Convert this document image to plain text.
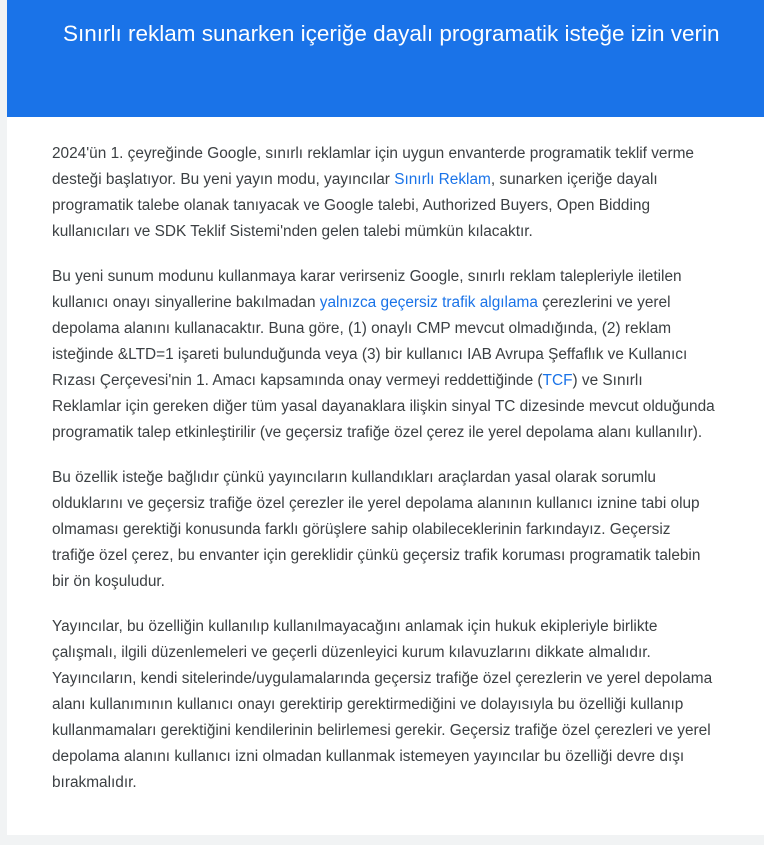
Sınırlı reklam sunarken içeriğe dayalı programatik isteğe izin verin

2024'ün 1. çeyreğinde Google, sınırlı reklamlar için uygun envanterde programatik teklif verme desteği başlatıyor. Bu yeni yayın modu, yayıncılar Sınırlı Reklam, sunarken içeriğe dayalı programatik talebe olanak tanıyacak ve Google talebi, Authorized Buyers, Open Bidding kullanıcıları ve SDK Teklif Sistemi'nden gelen talebi mümkün kılacaktır.

Bu yeni sunum modunu kullanmaya karar verirseniz Google, sınırlı reklam talepleriyle iletilen kullanıcı onayı sinyallerine bakılmadan yalnızca geçersiz trafik algılama çerezlerini ve yerel depolama alanını kullanacaktır. Buna göre, (1) onaylı CMP mevcut olmadığında, (2) reklam isteğinde &LTD=1 işareti bulunduğunda veya (3) bir kullanıcı IAB Avrupa Şeffaflık ve Kullanıcı Rızası Çerçevesi'nin 1. Amacı kapsamında onay vermeyi reddettiğinde (TCF) ve Sınırlı Reklamlar için gereken diğer tüm yasal dayanaklara ilişkin sinyal TC dizesinde mevcut olduğunda programatik talep etkinleştirilir (ve geçersiz trafiğe özel çerez ile yerel depolama alanı kullanılır).

Bu özellik isteğe bağlıdır çünkü yayıncıların kullandıkları araçlardan yasal olarak sorumlu olduklarını ve geçersiz trafiğe özel çerezler ile yerel depolama alanının kullanıcı iznine tabi olup olmaması gerektiği konusunda farklı görüşlere sahip olabileceklerinin farkındayız. Geçersiz trafiğe özel çerez, bu envanter için gereklidir çünkü geçersiz trafik koruması programatik talebin bir ön koşuludur.

Yayıncılar, bu özelliğin kullanılıp kullanılmayacağını anlamak için hukuk ekipleriyle birlikte çalışmalı, ilgili düzenlemeleri ve geçerli düzenleyici kurum kılavuzlarını dikkate almalıdır. Yayıncıların, kendi sitelerinde/uygulamalarında geçersiz trafiğe özel çerezlerin ve yerel depolama alanı kullanımının kullanıcı onayı gerektirip gerektirmediğini ve dolayısıyla bu özelliği kullanıp kullanmamaları gerektiğini kendilerinin belirlemesi gerekir. Geçersiz trafiğe özel çerezleri ve yerel depolama alanını kullanıcı izni olmadan kullanmak istemeyen yayıncılar bu özelliği devre dışı bırakmalıdır.
